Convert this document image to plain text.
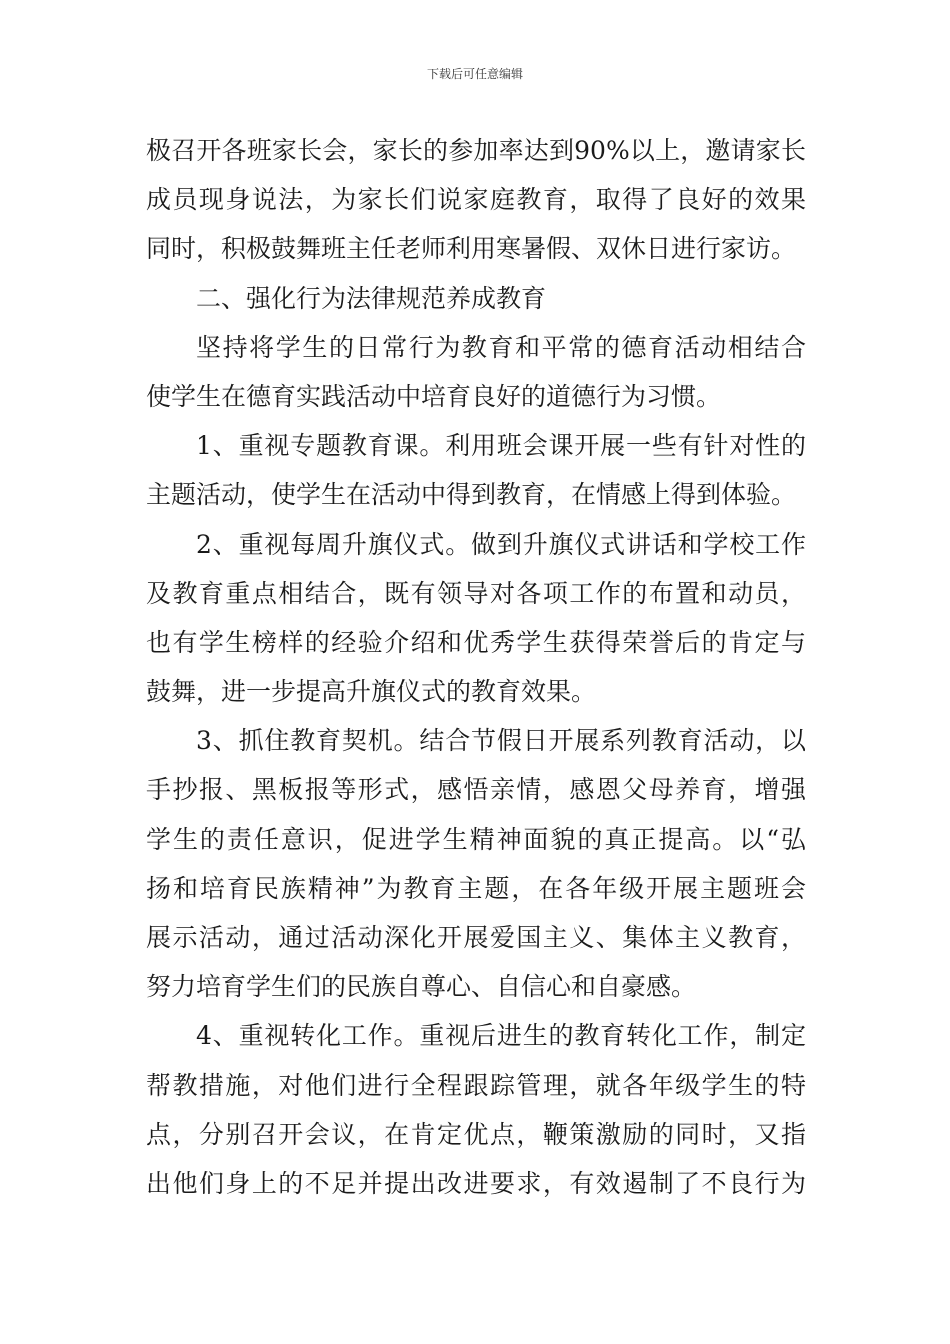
下载后可任意编辑
极召开各班家长会，家长的参加率达到90%以上，邀请家长
成员现身说法，为家长们说家庭教育，取得了良好的效果
同时，积极鼓舞班主任老师利用寒暑假、双休日进行家访。
二、强化行为法律规范养成教育
坚持将学生的日常行为教育和平常的德育活动相结合
使学生在德育实践活动中培育良好的道德行为习惯。
1、重视专题教育课。利用班会课开展一些有针对性的
主题活动，使学生在活动中得到教育，在情感上得到体验。
2、重视每周升旗仪式。做到升旗仪式讲话和学校工作
及教育重点相结合，既有领导对各项工作的布置和动员，
也有学生榜样的经验介绍和优秀学生获得荣誉后的肯定与
鼓舞，进一步提高升旗仪式的教育效果。
3、抓住教育契机。结合节假日开展系列教育活动，以
手抄报、黑板报等形式，感悟亲情，感恩父母养育，增强
学生的责任意识，促进学生精神面貌的真正提高。以“弘
扬和培育民族精神”为教育主题，在各年级开展主题班会
展示活动，通过活动深化开展爱国主义、集体主义教育，
努力培育学生们的民族自尊心、自信心和自豪感。
4、重视转化工作。重视后进生的教育转化工作，制定
帮教措施，对他们进行全程跟踪管理，就各年级学生的特
点，分别召开会议，在肯定优点，鞭策激励的同时，又指
出他们身上的不足并提出改进要求，有效遏制了不良行为
